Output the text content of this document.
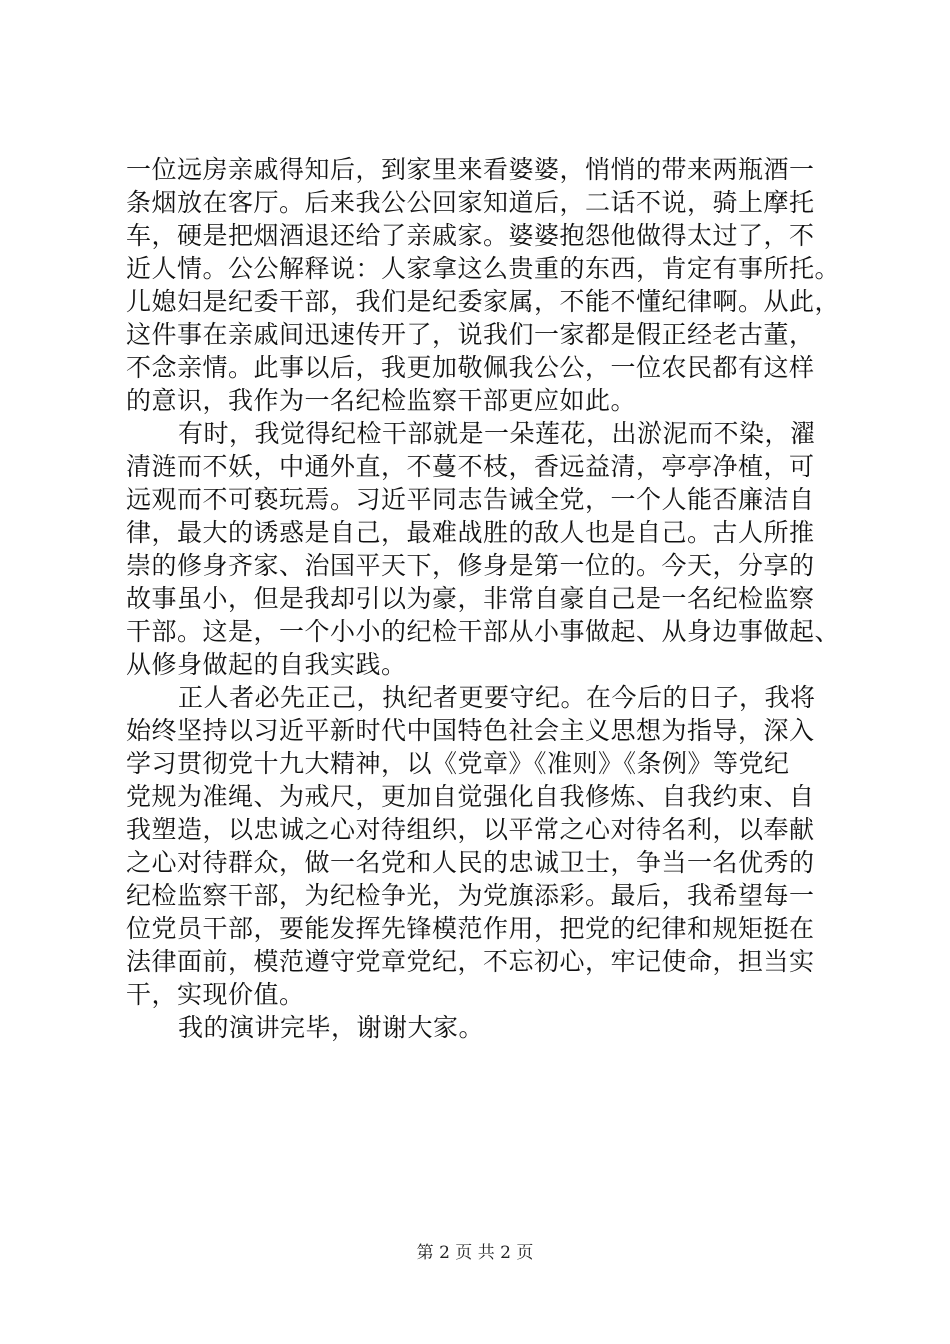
一位远房亲戚得知后，到家里来看婆婆，悄悄的带来两瓶酒一
条烟放在客厅。后来我公公回家知道后，二话不说，骑上摩托
车，硬是把烟酒退还给了亲戚家。婆婆抱怨他做得太过了，不
近人情。公公解释说：人家拿这么贵重的东西，肯定有事所托。
儿媳妇是纪委干部，我们是纪委家属，不能不懂纪律啊。从此，
这件事在亲戚间迅速传开了，说我们一家都是假正经老古董，
不念亲情。此事以后，我更加敬佩我公公，一位农民都有这样
的意识，我作为一名纪检监察干部更应如此。
有时，我觉得纪检干部就是一朵莲花，出淤泥而不染，濯
清涟而不妖，中通外直，不蔓不枝，香远益清，亭亭净植，可
远观而不可亵玩焉。习近平同志告诫全党，一个人能否廉洁自
律，最大的诱惑是自己，最难战胜的敌人也是自己。古人所推
崇的修身齐家、治国平天下，修身是第一位的。今天，分享的
故事虽小，但是我却引以为豪，非常自豪自己是一名纪检监察
干部。这是，一个小小的纪检干部从小事做起、从身边事做起、
从修身做起的自我实践。
正人者必先正己，执纪者更要守纪。在今后的日子，我将
始终坚持以习近平新时代中国特色社会主义思想为指导，深入
学习贯彻党十九大精神，以《党章》《准则》《条例》等党纪
党规为准绳、为戒尺，更加自觉强化自我修炼、自我约束、自
我塑造，以忠诚之心对待组织，以平常之心对待名利，以奉献
之心对待群众，做一名党和人民的忠诚卫士，争当一名优秀的
纪检监察干部，为纪检争光，为党旗添彩。最后，我希望每一
位党员干部，要能发挥先锋模范作用，把党的纪律和规矩挺在
法律面前，模范遵守党章党纪，不忘初心，牢记使命，担当实
干，实现价值。
我的演讲完毕，谢谢大家。
第 2 页 共 2 页
